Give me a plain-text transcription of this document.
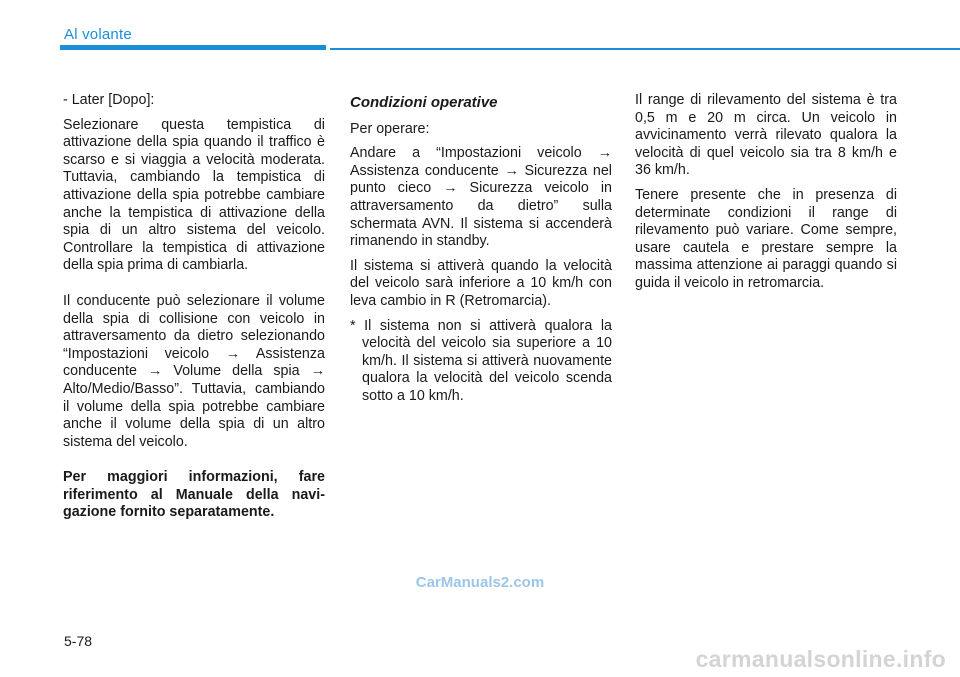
Al volante

- Later [Dopo]:

Selezionare questa tempistica di attivazione della spia quando il traffico è scarso e si viaggia a velocità moderata. Tuttavia, cambiando la tempistica di attivazione della spia potrebbe cambiare anche la tempistica di attivazione della spia di un altro sistema del veicolo. Controllare la tempistica di attivazione della spia prima di cambiarla.

Il conducente può selezionare il volume della spia di collisione con veicolo in attraversamento da dietro selezionando “Impostazioni veicolo → Assistenza conducente → Volume della spia → Alto/Medio/Basso”. Tuttavia, cambiando il volume della spia potrebbe cambiare anche il volume della spia di un altro sistema del veicolo.

Per maggiori informazioni, fare riferimento al Manuale della navi-gazione fornito separatamente.

Condizioni operative

Per operare:

Andare a “Impostazioni veicolo → Assistenza conducente → Sicurezza nel punto cieco → Sicurezza veicolo in attraversamento da dietro” sulla schermata AVN. Il sistema si accenderà rimanendo in standby.

Il sistema si attiverà quando la velocità del veicolo sarà inferiore a 10 km/h con leva cambio in R (Retromarcia).

* Il sistema non si attiverà qualora la velocità del veicolo sia superiore a 10 km/h. Il sistema si attiverà nuovamente qualora la velocità del veicolo scenda sotto a 10 km/h.

Il range di rilevamento del sistema è tra 0,5 m e 20 m circa. Un veicolo in avvicinamento verrà rilevato qualora la velocità di quel veicolo sia tra 8 km/h e 36 km/h.

Tenere presente che in presenza di determinate condizioni il range di rilevamento può variare. Come sempre, usare cautela e prestare sempre la massima attenzione ai paraggi quando si guida il veicolo in retromarcia.

CarManuals2.com
5-78
carmanualsonline.info
